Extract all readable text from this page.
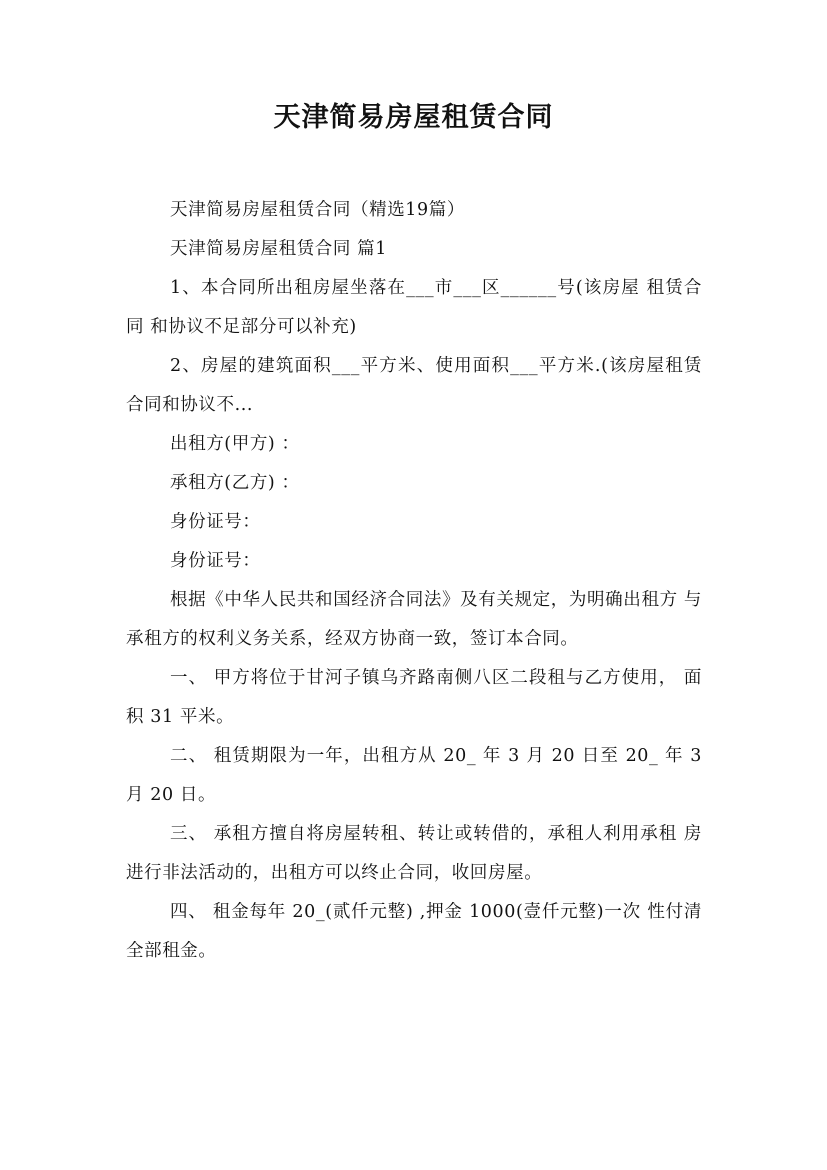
天津简易房屋租赁合同

天津简易房屋租赁合同（精选19篇）

天津简易房屋租赁合同 篇1

1、本合同所出租房屋坐落在___市___区______号(该房屋 租赁合同 和协议不足部分可以补充)

2、房屋的建筑面积___平方米、使用面积___平方米.(该房屋租赁合同和协议不...

出租方(甲方) ：

承租方(乙方) ：

身份证号：

身份证号：

根据《中华人民共和国经济合同法》及有关规定，为明确出租方 与承租方的权利义务关系，经双方协商一致，签订本合同。

一、 甲方将位于甘河子镇乌齐路南侧八区二段租与乙方使用， 面积 31 平米。

二、 租赁期限为一年，出租方从 20_ 年 3 月 20 日至 20_ 年 3 月 20 日。

三、 承租方擅自将房屋转租、转让或转借的，承租人利用承租 房进行非法活动的，出租方可以终止合同，收回房屋。

四、 租金每年 20_(贰仟元整) ,押金 1000(壹仟元整)一次 性付清全部租金。
